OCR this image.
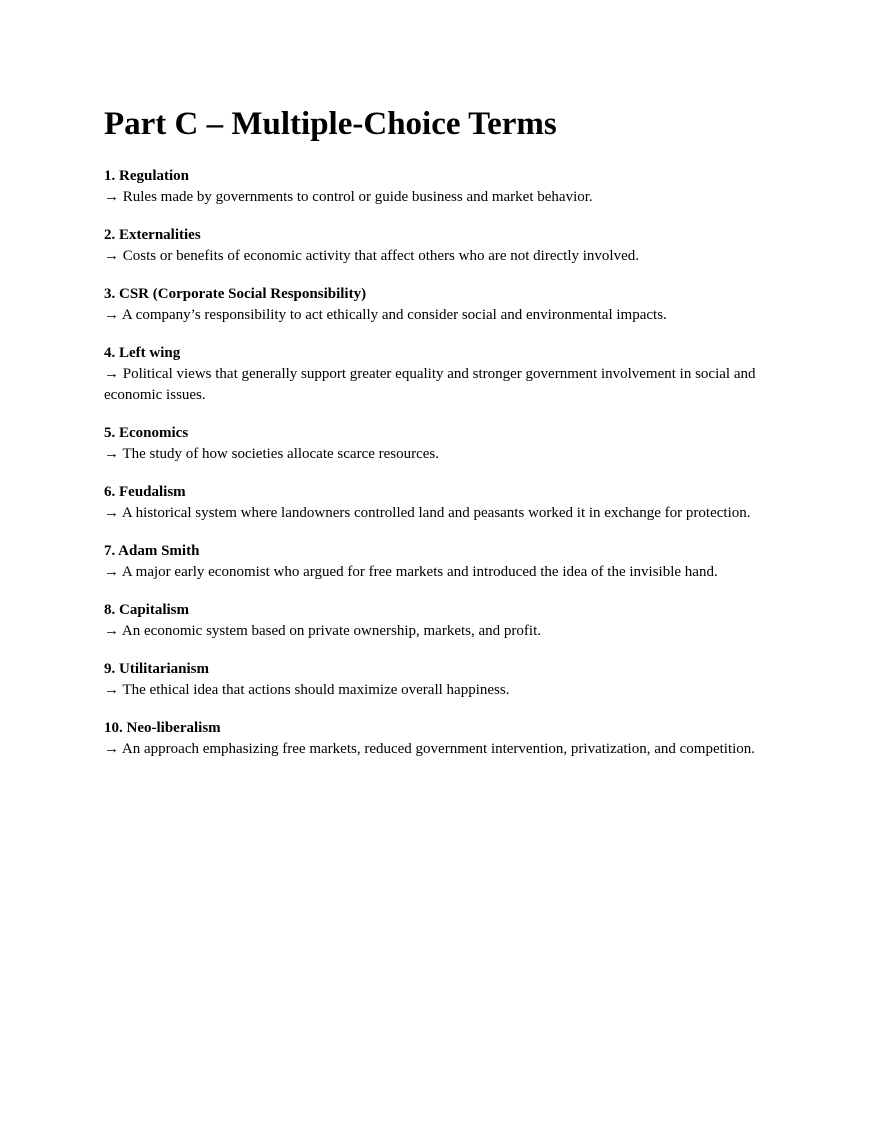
Part C – Multiple-Choice Terms
1. Regulation
→ Rules made by governments to control or guide business and market behavior.
2. Externalities
→ Costs or benefits of economic activity that affect others who are not directly involved.
3. CSR (Corporate Social Responsibility)
→ A company’s responsibility to act ethically and consider social and environmental impacts.
4. Left wing
→ Political views that generally support greater equality and stronger government involvement in social and economic issues.
5. Economics
→ The study of how societies allocate scarce resources.
6. Feudalism
→ A historical system where landowners controlled land and peasants worked it in exchange for protection.
7. Adam Smith
→ A major early economist who argued for free markets and introduced the idea of the invisible hand.
8. Capitalism
→ An economic system based on private ownership, markets, and profit.
9. Utilitarianism
→ The ethical idea that actions should maximize overall happiness.
10. Neo-liberalism
→ An approach emphasizing free markets, reduced government intervention, privatization, and competition.
